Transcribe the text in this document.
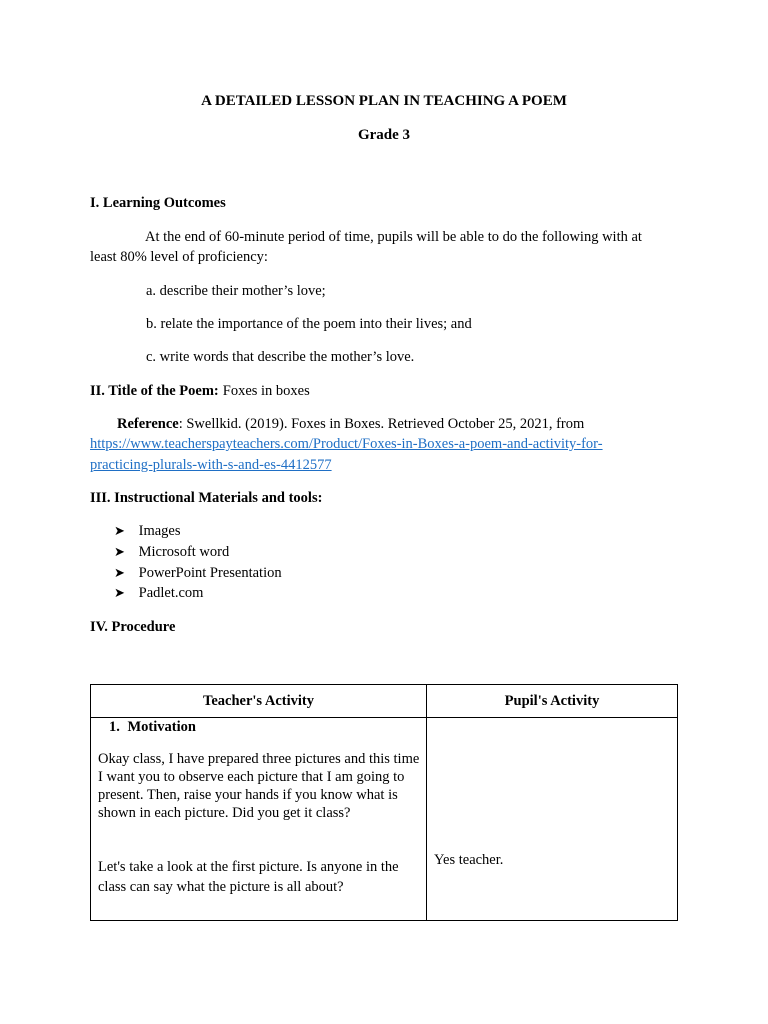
A DETAILED LESSON PLAN IN TEACHING A POEM
Grade 3
I. Learning Outcomes
At the end of 60-minute period of time, pupils will be able to do the following with at
least 80% level of proficiency:
a. describe their mother’s love;
b. relate the importance of the poem into their lives; and
c. write words that describe the mother’s love.
II. Title of the Poem: Foxes in boxes
Reference: Swellkid. (2019). Foxes in Boxes. Retrieved October 25, 2021, from
https://www.teacherspayteachers.com/Product/Foxes-in-Boxes-a-poem-and-activity-for-
practicing-plurals-with-s-and-es-4412577
III. Instructional Materials and tools:
➤ Images
➤ Microsoft word
➤ PowerPoint Presentation
➤ Padlet.com
IV. Procedure
Teacher's Activity	Pupil's Activity

1. Motivation
Okay class, I have prepared three pictures and this time I want you to observe each picture that I am going to present. Then, raise your hands if you know what is shown in each picture. Did you get it class?
Let's take a look at the first picture. Is anyone in the class can say what the picture is all about?	Yes teacher.
